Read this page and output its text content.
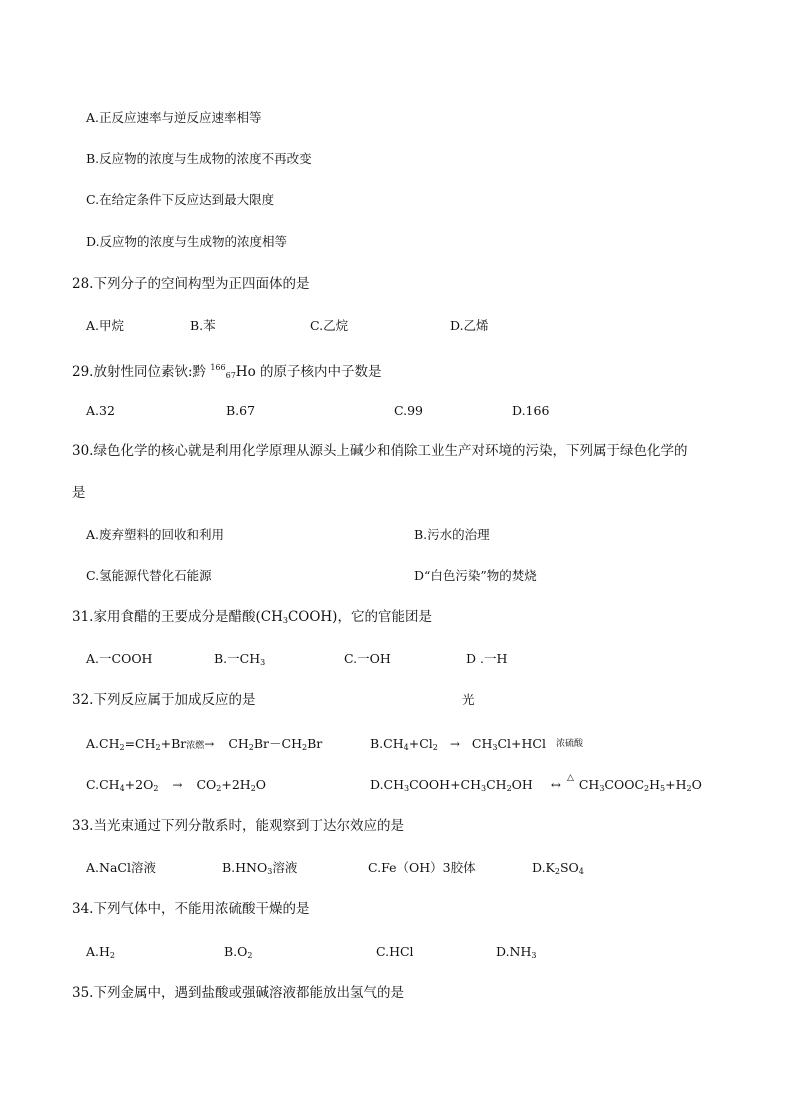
A.正反应速率与逆反应速率相等
B.反应物的浓度与生成物的浓度不再改变
C.在给定条件下反应达到最大限度
D.反应物的浓度与生成物的浓度相等
28.下列分子的空间构型为正四面体的是
A.甲烷	B.苯	C.乙烷	D.乙烯
29.放射性同位素钬:黔 $^{166}_{67}$Ho 的原子核内中子数是
A.32	B.67	C.99	D.166
30.绿色化学的核心就是利用化学原理从源头上碱少和俏除工业生产对环境的污染，下列属于绿色化学的
是
A.废弃塑料的回收和利用	B.污水的治理
C.氢能源代替化石能源	D“白色污染”物的焚烧
31.家用食醋的王要成分是醋酸$(CH_3COOH)$，它的官能团是
A.一COOH	B.一$CH_3$	C.一OH	D .一H
32.下列反应属于加成反应的是	光
$A.CH_2=CH_2+Br$浓燃→ $CH_2Br-CH_2Br$	$B.CH_4+Cl_2 \to CH_3Cl+HCl$ 浓硫酸
$C.CH_4+2O_2 \to CO_2+2H_2O$	$D.CH_3COOH+CH_3CH_2OH$ ↔ $CH_3COOC_2H_5+H_2O$
△
33.当光束通过下列分散系时，能观察到丁达尔效应的是
A.NaCl溶液	$B.HNO_3$溶液	C.Fe（OH）3胶体	$D.K_2SO_4$
34.下列气体中，不能用浓硫酸干燥的是
$A.H_2$	$B.O_2$	C.HCl	$D.NH_3$
35.下列金属中，遇到盐酸或强碱溶液都能放出氢气的是
